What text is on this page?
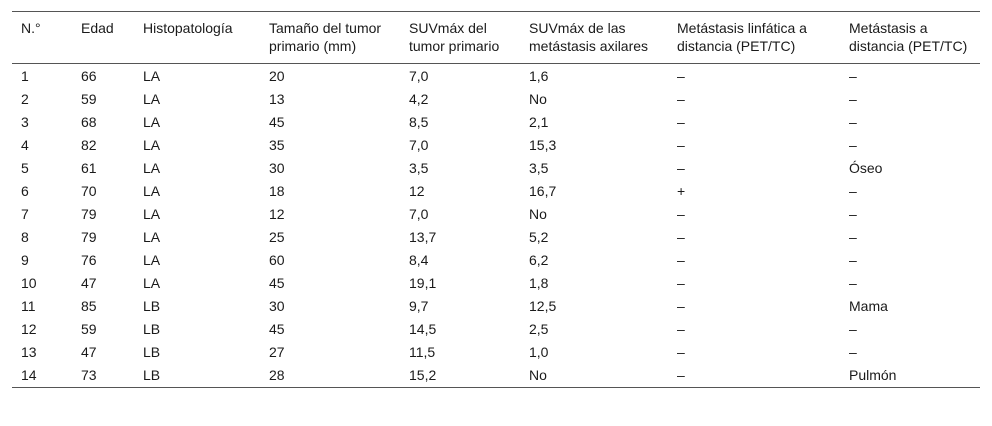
N.°	Edad	Histopatología	Tamaño del tumor primario (mm)	SUVmáx del tumor primario	SUVmáx de las metástasis axilares	Metástasis linfática a distancia (PET/TC)	Metástasis a distancia (PET/TC)
1	66	LA	20	7,0	1,6	–	–
2	59	LA	13	4,2	No	–	–
3	68	LA	45	8,5	2,1	–	–
4	82	LA	35	7,0	15,3	–	–
5	61	LA	30	3,5	3,5	–	Óseo
6	70	LA	18	12	16,7	+	–
7	79	LA	12	7,0	No	–	–
8	79	LA	25	13,7	5,2	–	–
9	76	LA	60	8,4	6,2	–	–
10	47	LA	45	19,1	1,8	–	–
11	85	LB	30	9,7	12,5	–	Mama
12	59	LB	45	14,5	2,5	–	–
13	47	LB	27	11,5	1,0	–	–
14	73	LB	28	15,2	No	–	Pulmón
